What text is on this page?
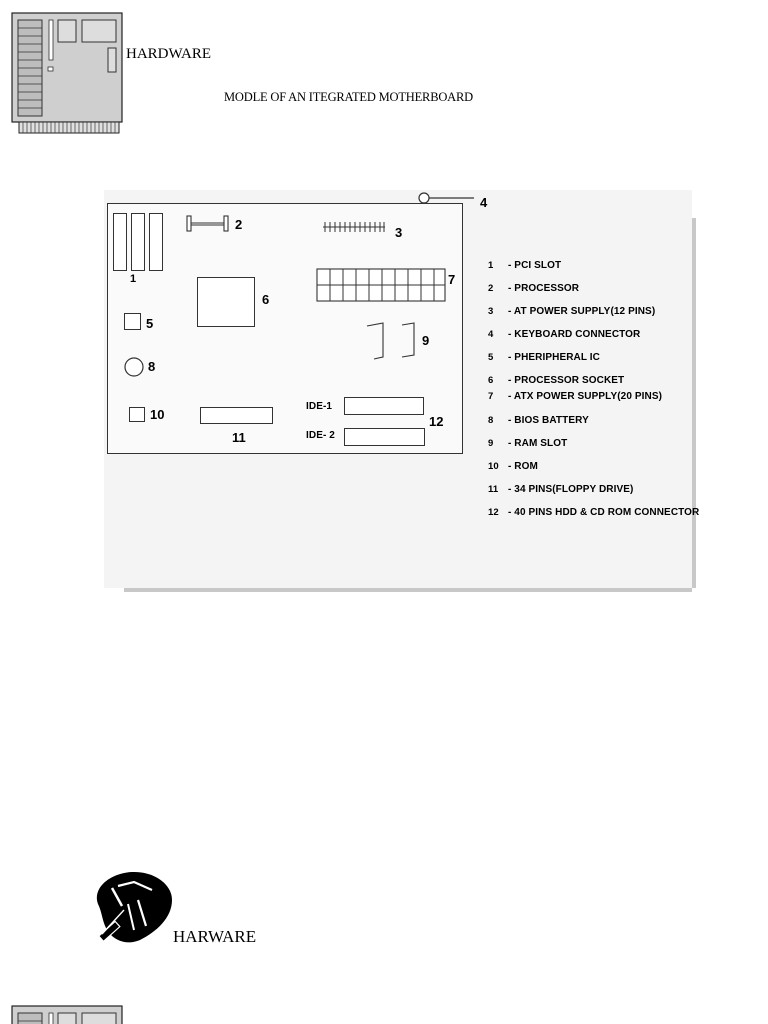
HARDWARE
MODLE OF AN ITEGRATED MOTHERBOARD
4
1
2
3
7
6
5
9
8
10
11
IDE-1
IDE- 2
12
1	- PCI SLOT
2	- PROCESSOR
3	- AT POWER SUPPLY(12 PINS)
4	- KEYBOARD CONNECTOR
5	- PHERIPHERAL IC
6	- PROCESSOR SOCKET
7	- ATX POWER SUPPLY(20 PINS)
8	- BIOS BATTERY
9	- RAM SLOT
10 - ROM
11 - 34 PINS(FLOPPY DRIVE)
12 - 40 PINS HDD & CD ROM CONNECTOR
HARWARE
